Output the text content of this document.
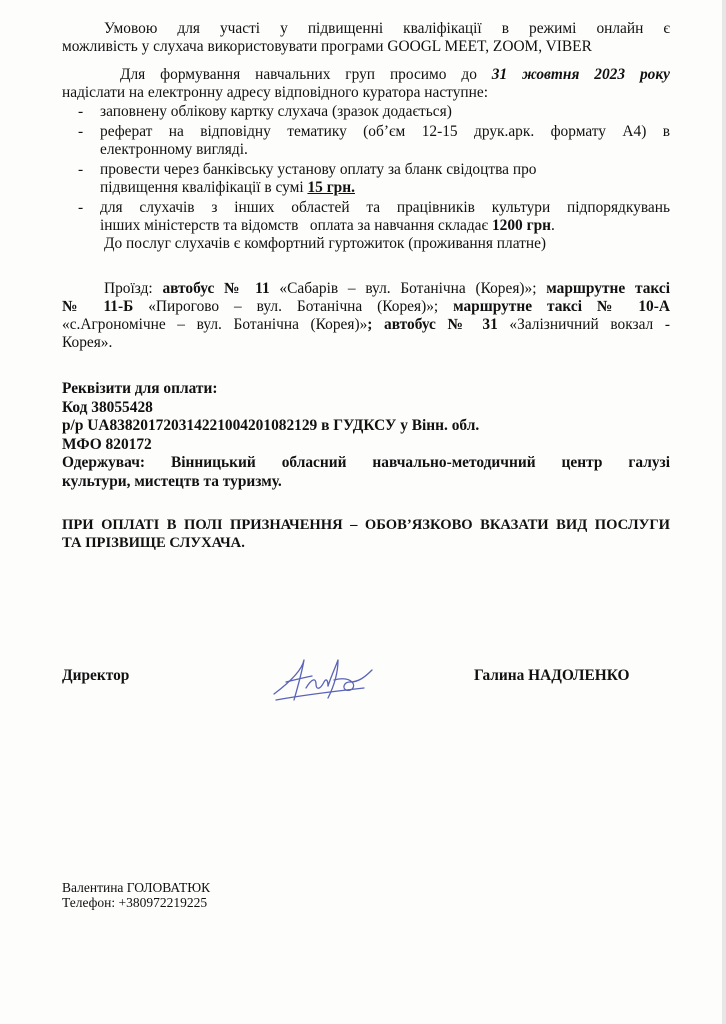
Умовою для участі у підвищенні кваліфікації в режимі онлайн є

можливість у слухача використовувати програми GOOGL MEET, ZOOM, VIBER

Для формування навчальних груп просимо до 31 жовтня 2023 року

надіслати на електронну адресу відповідного куратора наступне:

- заповнену облікову картку слухача (зразок додається)

- реферат на відповідну тематику (об’єм 12-15 друк.арк. формату А4) в

електронному вигляді.

- провести через банківську установу оплату за бланк свідоцтва про

підвищення кваліфікації в сумі 15 грн.

- для слухачів з інших областей та працівників культури підпорядкувань

інших міністерств та відомств   оплата за навчання складає 1200 грн.

До послуг слухачів є комфортний гуртожиток (проживання платне)

Проїзд: автобус № 11 «Сабарів – вул. Ботанічна (Корея)»; маршрутне таксі

№ 11-Б «Пирогово – вул. Ботанічна (Корея)»; маршрутне таксі № 10-А

«с.Агрономічне – вул. Ботанічна (Корея)»; автобус № 31 «Залізничний вокзал -

Корея».

Реквізити для оплати:

Код 38055428

р/р UA838201720314221004201082129 в ГУДКСУ у Вінн. обл.

МФО 820172

Одержувач: Вінницький обласний навчально-методичний центр галузі

культури, мистецтв та туризму.

ПРИ ОПЛАТІ В ПОЛІ ПРИЗНАЧЕННЯ – ОБОВ’ЯЗКОВО ВКАЗАТИ ВИД ПОСЛУГИ

ТА ПРІЗВИЩЕ СЛУХАЧА.

Директор	Галина НАДОЛЕНКО

Валентина ГОЛОВАТЮК

Телефон: +380972219225
